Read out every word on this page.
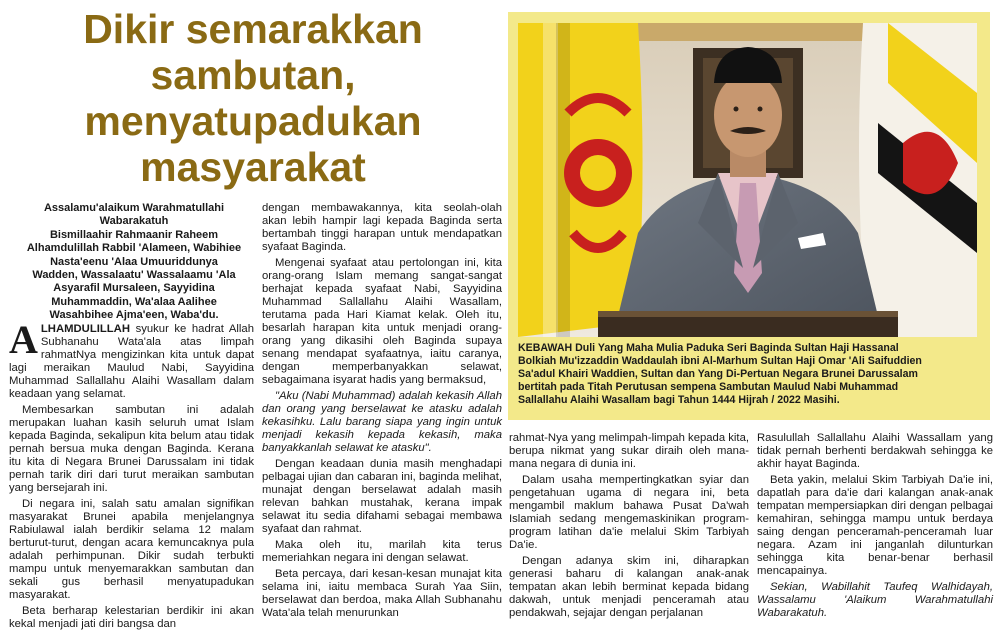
Dikir semarakkan
sambutan,
menyatupadukan
masyarakat
Assalamu'alaikum Warahmatullahi
Wabarakatuh
Bismillaahir Rahmaanir Raheem
Alhamdulillah Rabbil 'Alameen, Wabihiee
Nasta'eenu 'Alaa Umuuriddunya
Wadden, Wassalaatu' Wassalaamu 'Ala
Asyarafil Mursaleen, Sayyidina
Muhammaddin, Wa'alaa Aalihee
Wasahbihee Ajma'een, Waba'du.

ALHAMDULILLAH syukur ke hadrat Allah Subhanahu Wata'ala atas limpah rahmatNya mengizinkan kita untuk dapat lagi meraikan Maulud Nabi, Sayyidina Muhammad Sallallahu Alaihi Wasallam dalam keadaan yang selamat.

Membesarkan sambutan ini adalah merupakan luahan kasih seluruh umat Islam kepada Baginda, sekalipun kita belum atau tidak pernah bersua muka dengan Baginda. Kerana itu kita di Negara Brunei Darussalam ini tidak pernah tarik diri dari turut meraikan sambutan yang bersejarah ini.

Di negara ini, salah satu amalan signifikan masyarakat Brunei apabila menjelangnya Rabiulawal ialah berdikir selama 12 malam berturut-turut, dengan acara kemuncaknya pula adalah perhimpunan. Dikir sudah terbukti mampu untuk menyemarakkan sambutan dan sekali gus berhasil menyatupadukan masyarakat.

Beta berharap kelestarian berdikir ini akan kekal menjadi jati diri bangsa dan

dengan membawakannya, kita seolah-olah akan lebih hampir lagi kepada Baginda serta bertambah tinggi harapan untuk mendapatkan syafaat Baginda.

Mengenai syafaat atau pertolongan ini, kita orang-orang Islam memang sangat-sangat berhajat kepada syafaat Nabi, Sayyidina Muhammad Sallallahu Alaihi Wasallam, terutama pada Hari Kiamat kelak. Oleh itu, besarlah harapan kita untuk menjadi orang-orang yang dikasihi oleh Baginda supaya senang mendapat syafaatnya, iaitu caranya, dengan memperbanyakkan selawat, sebagaimana isyarat hadis yang bermaksud,

"Aku (Nabi Muhammad) adalah kekasih Allah dan orang yang berselawat ke atasku adalah kekasihku. Lalu barang siapa yang ingin untuk menjadi kekasih kepada kekasih, maka banyakkanlah selawat ke atasku".

Dengan keadaan dunia masih menghadapi pelbagai ujian dan cabaran ini, baginda melihat, munajat dengan berselawat adalah masih relevan bahkan mustahak, kerana impak selawat itu sedia difahami sebagai membawa syafaat dan rahmat.

Maka oleh itu, marilah kita terus memeriahkan negara ini dengan selawat.

Beta percaya, dari kesan-kesan munajat kita selama ini, iaitu membaca Surah Yaa Siin, berselawat dan berdoa, maka Allah Subhanahu Wata'ala telah menurunkan

KEBAWAH Duli Yang Maha Mulia Paduka Seri Baginda Sultan Haji Hassanal
Bolkiah Mu'izzaddin Waddaulah ibni Al-Marhum Sultan Haji Omar 'Ali Saifuddien
Sa'adul Khairi Waddien, Sultan dan Yang Di-Pertuan Negara Brunei Darussalam
bertitah pada Titah Perutusan sempena Sambutan Maulud Nabi Muhammad
Sallallahu Alaihi Wasallam bagi Tahun 1444 Hijrah / 2022 Masihi.

rahmat-Nya yang melimpah-limpah kepada kita, berupa nikmat yang sukar diraih oleh mana-mana negara di dunia ini.

Dalam usaha mempertingkatkan syiar dan pengetahuan ugama di negara ini, beta mengambil maklum bahawa Pusat Da'wah Islamiah sedang mengemaskinikan program-program latihan da'ie melalui Skim Tarbiyah Da'ie.

Dengan adanya skim ini, diharapkan generasi baharu di kalangan anak-anak tempatan akan lebih berminat kepada bidang dakwah, untuk menjadi penceramah atau pendakwah, sejajar dengan perjalanan

Rasulullah Sallallahu Alaihi Wassallam yang tidak pernah berhenti berdakwah sehingga ke akhir hayat Baginda.

Beta yakin, melalui Skim Tarbiyah Da'ie ini, dapatlah para da'ie dari kalangan anak-anak tempatan mempersiapkan diri dengan pelbagai kemahiran, sehingga mampu untuk berdaya saing dengan penceramah-penceramah luar negara. Azam ini janganlah dilunturkan sehingga kita benar-benar berhasil mencapainya.

Sekian, Wabillahit Taufeq Walhidayah, Wassalamu 'Alaikum Warahmatullahi Wabarakatuh.
